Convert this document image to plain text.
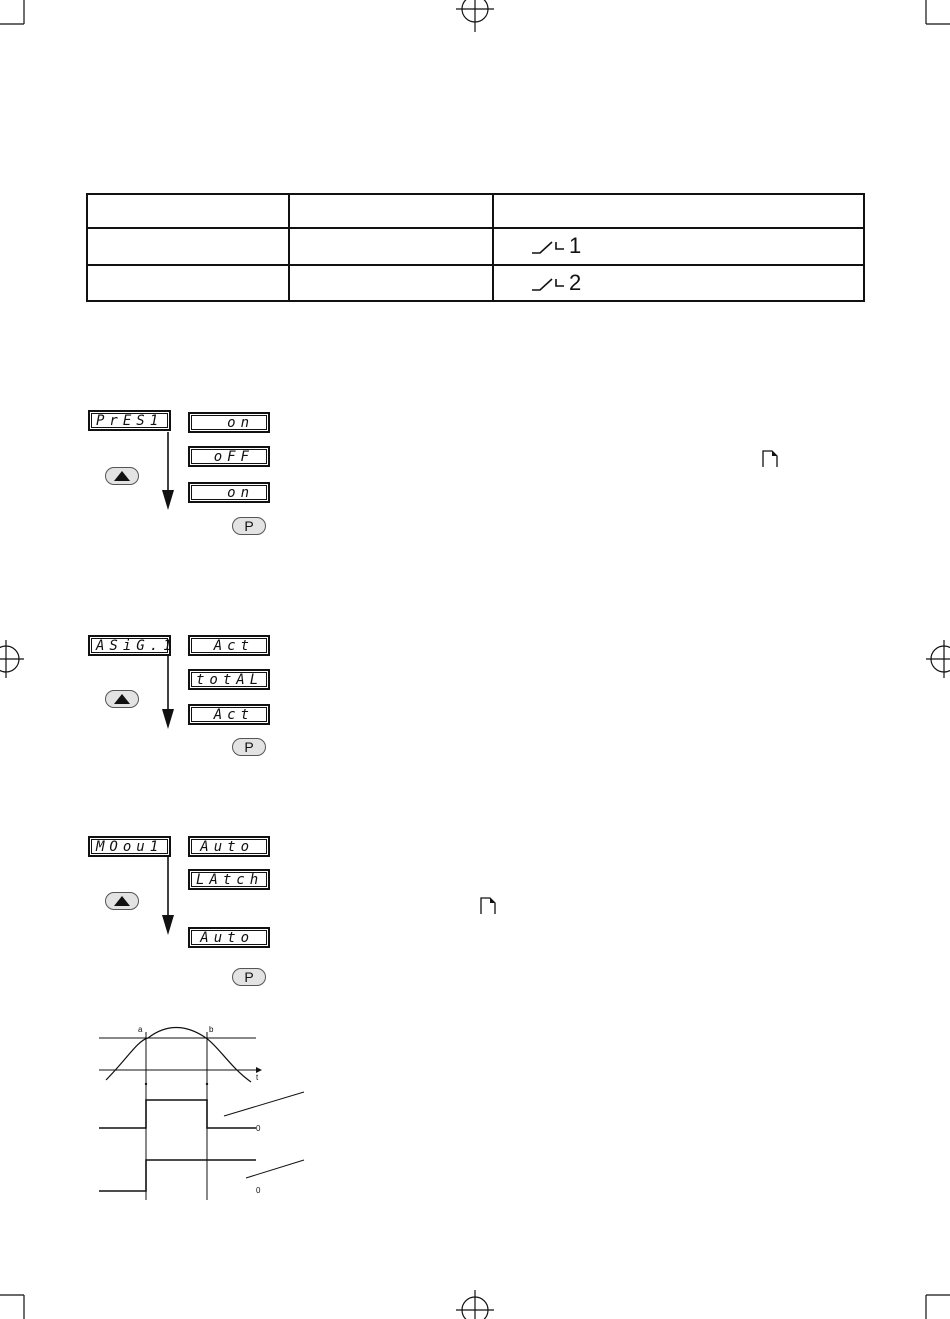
		1

		2
PrES1	on
oFF
on
P
ASiG.1	Act
totAL
Act
P
MOou1	Auto
LAtch
Auto
P
a	b
t
0
0
